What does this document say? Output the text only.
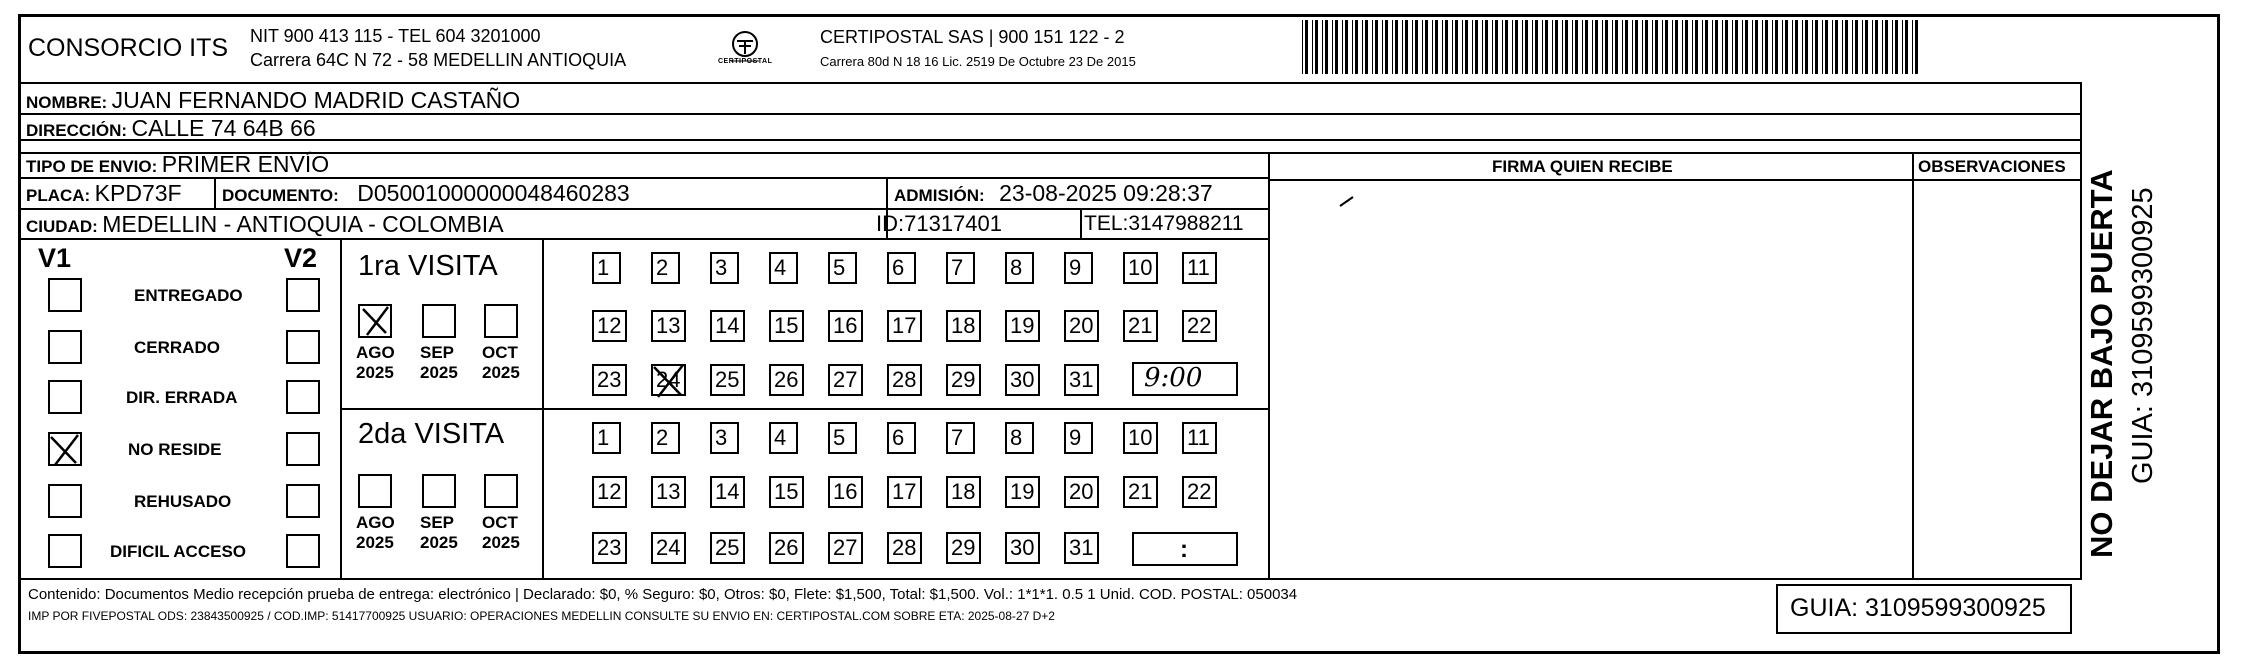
CONSORCIO ITS NIT 900 413 115 - TEL 604 3201000
Carrera 64C N 72 - 58 MEDELLIN ANTIOQUIA	CERTIPOSTAL
CERTIPOSTAL SAS | 900 151 122 - 2
Carrera 80d N 18 16 Lic. 2519 De Octubre 23 De 2015
NOMBRE: JUAN FERNANDO MADRID CASTAÑO
DIRECCIÓN: CALLE 74 64B 66
TIPO DE ENVIO: PRIMER ENVÍO
PLACA: KPD73F DOCUMENTO: D05001000000048460283	ADMISIÓN: 23-08-2025 09:28:37
CIUDAD: MEDELLIN - ANTIOQUIA - COLOMBIA	ID:71317401	TEL:3147988211
FIRMA QUIEN RECIBE	OBSERVACIONES
V1	V2
ENTREGADO
CERRADO
DIR. ERRADA
NO RESIDE
REHUSADO
DIFICIL ACCESO
1ra VISITA
AGO
2025
SEP
2025
OCT
2025
1	2	3	4	5	6	7	8	9	10 11
12 13 14 15 16 17 18 19 20 21 22
23 24 25 26 27 28 29 30 31 9:00
2da VISITA
AGO
2025
SEP
2025
OCT
2025
1	2	3	4	5	6	7	8	9	10 11
12 13 14 15 16 17 18 19 20 21 22
23 24 25 26 27 28 29 30 31	:
Contenido: Documentos Medio recepción prueba de entrega: electrónico | Declarado: $0, % Seguro: $0, Otros: $0, Flete: $1,500, Total: $1,500. Vol.: 1*1*1. 0.5 1 Unid. COD. POSTAL: 050034
IMP POR FIVEPOSTAL ODS: 23843500925 / COD.IMP: 51417700925 USUARIO: OPERACIONES MEDELLIN CONSULTE SU ENVIO EN: CERTIPOSTAL.COM SOBRE ETA: 2025-08-27 D+2	GUIA: 3109599300925
NO DEJAR BAJO PUERTA GUIA: 3109599300925
